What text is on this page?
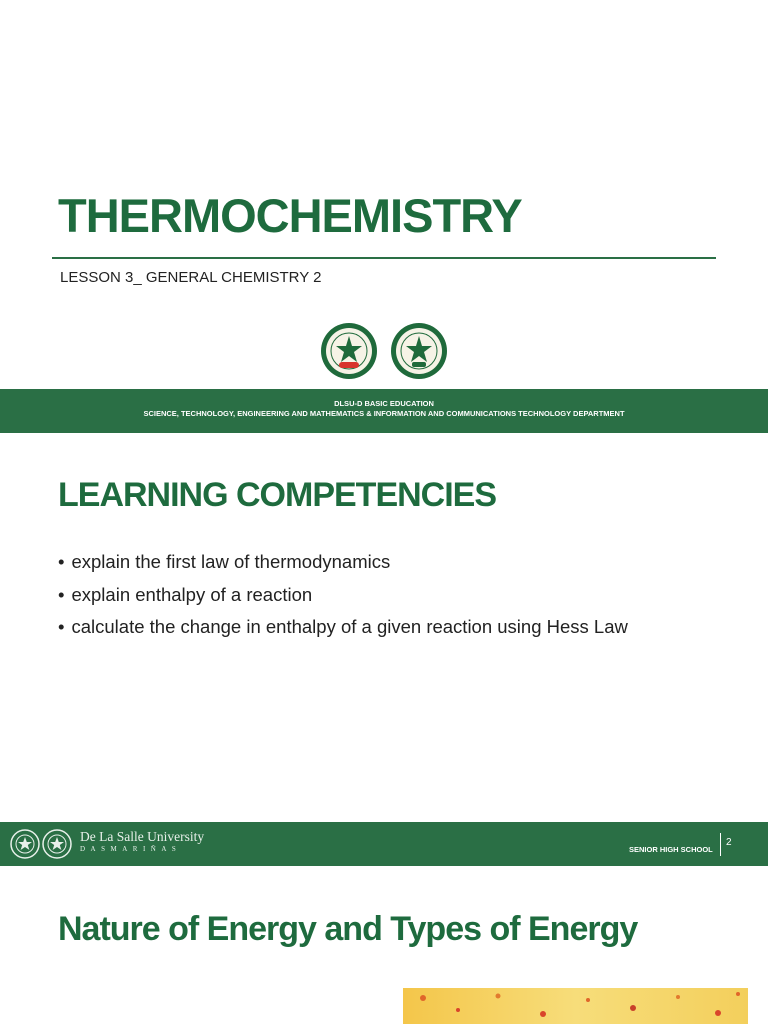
THERMOCHEMISTRY
LESSON 3_ GENERAL CHEMISTRY 2
DLSU-D BASIC EDUCATION
SCIENCE, TECHNOLOGY, ENGINEERING AND MATHEMATICS & INFORMATION AND COMMUNICATIONS TECHNOLOGY DEPARTMENT
LEARNING COMPETENCIES
• explain the first law of thermodynamics
• explain enthalpy of a reaction
• calculate the change in enthalpy of a given reaction using Hess Law
De La Salle University
DASMARIÑAS	SENIOR HIGH SCHOOL
2
Nature of Energy and Types of Energy
